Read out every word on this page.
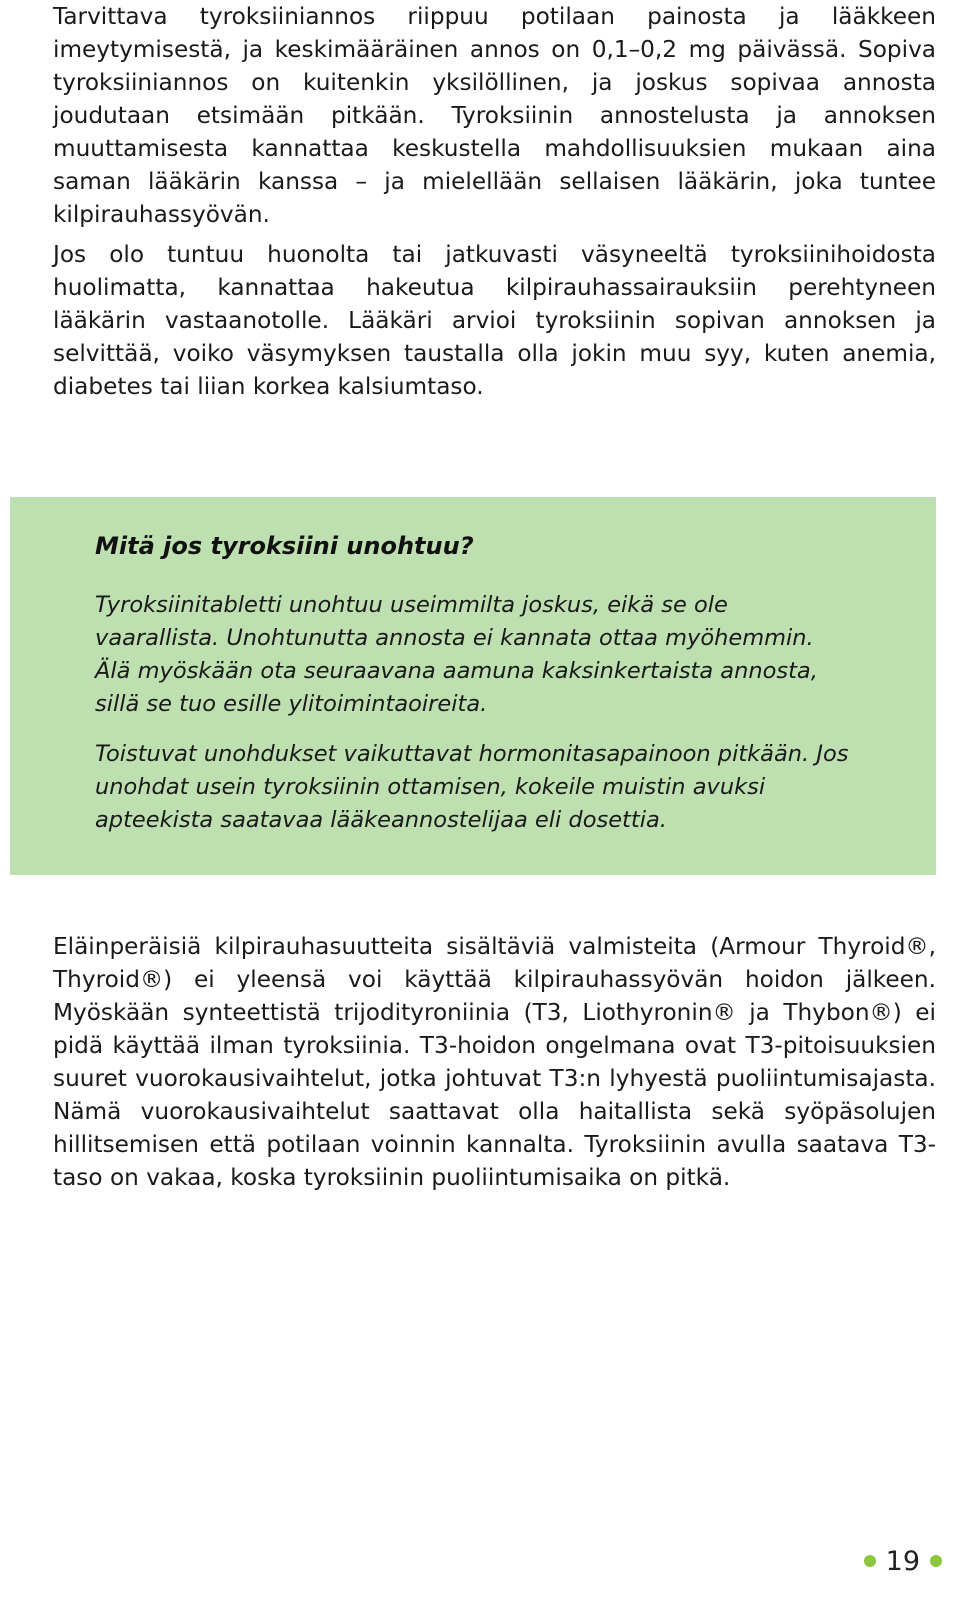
Tarvittava tyroksiiniannos riippuu potilaan painosta ja lääkkeen imeytymisestä, ja keskimääräinen annos on 0,1–0,2 mg päivässä. Sopiva tyroksiiniannos on kuitenkin yksilöllinen, ja joskus sopivaa annosta joudutaan etsimään pitkään. Tyroksiinin annostelusta ja annoksen muuttamisesta kannattaa keskustella mahdollisuuksien mukaan aina saman lääkärin kanssa – ja mielellään sellaisen lääkärin, joka tuntee kilpirauhassyövän.

Jos olo tuntuu huonolta tai jatkuvasti väsyneeltä tyroksiinihoidosta huolimatta, kannattaa hakeutua kilpirauhassairauksiin perehtyneen lääkärin vastaanotolle. Lääkäri arvioi tyroksiinin sopivan annoksen ja selvittää, voiko väsymyksen taustalla olla jokin muu syy, kuten anemia, diabetes tai liian korkea kalsiumtaso.

Mitä jos tyroksiini unohtuu?

Tyroksiinitabletti unohtuu useimmilta joskus, eikä se ole vaarallista. Unohtunutta annosta ei kannata ottaa myöhemmin. Älä myöskään ota seuraavana aamuna kaksinkertaista annosta, sillä se tuo esille ylitoimintaoireita.

Toistuvat unohdukset vaikuttavat hormonitasapainoon pitkään. Jos unohdat usein tyroksiinin ottamisen, kokeile muistin avuksi apteekista saatavaa lääkeannostelijaa eli dosettia.

Eläinperäisiä kilpirauhasuutteita sisältäviä valmisteita (Armour Thyroid®, Thyroid®) ei yleensä voi käyttää kilpirauhassyövän hoidon jälkeen. Myöskään synteettistä trijodityroniinia (T3, Liothyronin® ja Thybon®) ei pidä käyttää ilman tyroksiinia. T3-hoidon ongelmana ovat T3-pitoisuuksien suuret vuorokausivaihtelut, jotka johtuvat T3:n lyhyestä puoliintumisajasta. Nämä vuorokausivaihtelut saattavat olla haitallista sekä syöpäsolujen hillitsemisen että potilaan voinnin kannalta. Tyroksiinin avulla saatava T3-taso on vakaa, koska tyroksiinin puoliintumisaika on pitkä.

19
